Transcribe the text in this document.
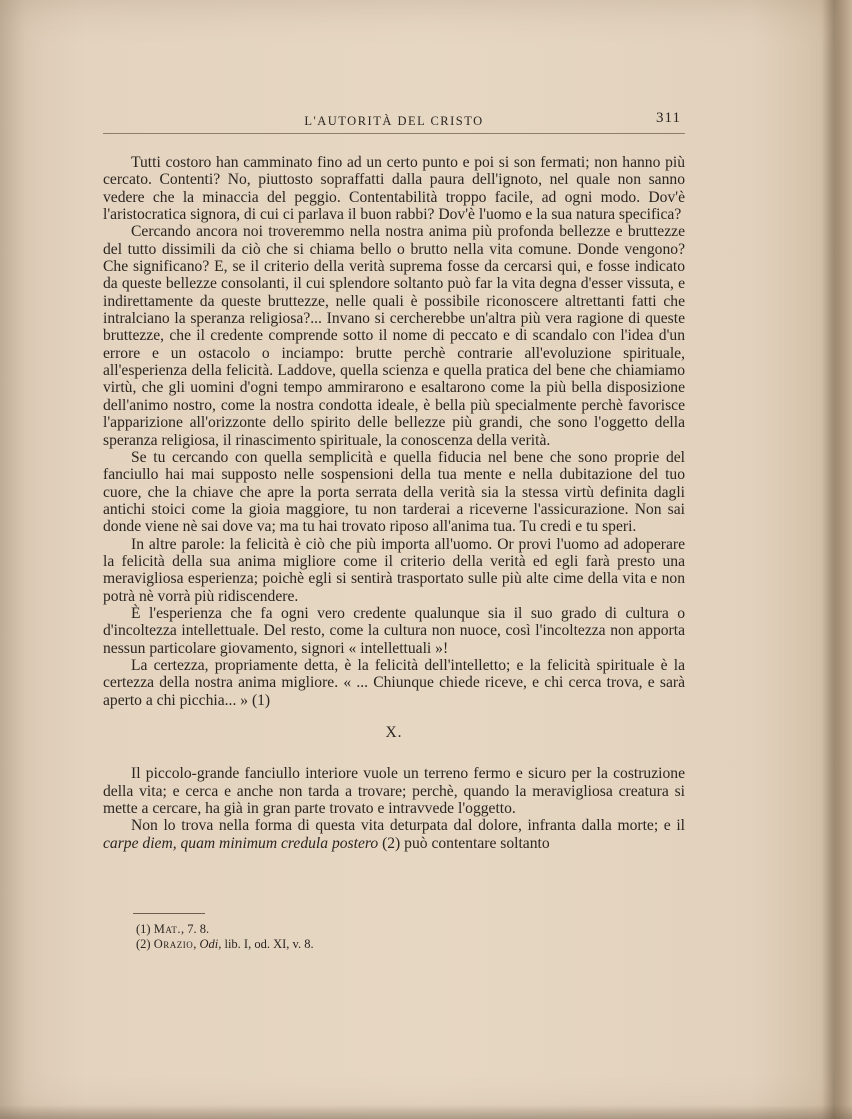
L'AUTORITÀ DEL CRISTO	311

Tutti costoro han camminato fino ad un certo punto e poi si son fermati; non hanno più cercato. Contenti? No, piuttosto sopraffatti dalla paura dell'ignoto, nel quale non sanno vedere che la minaccia del peggio. Contentabilità troppo facile, ad ogni modo. Dov'è l'aristocratica signora, di cui ci parlava il buon rabbi? Dov'è l'uomo e la sua natura specifica?

Cercando ancora noi troveremmo nella nostra anima più profonda bellezze e bruttezze del tutto dissimili da ciò che si chiama bello o brutto nella vita comune. Donde vengono? Che significano? E, se il criterio della verità suprema fosse da cercarsi qui, e fosse indicato da queste bellezze consolanti, il cui splendore soltanto può far la vita degna d'esser vissuta, e indirettamente da queste bruttezze, nelle quali è possibile riconoscere altrettanti fatti che intralciano la speranza religiosa?... Invano si cercherebbe un'altra più vera ragione di queste bruttezze, che il credente comprende sotto il nome di peccato e di scandalo con l'idea d'un errore e un ostacolo o inciampo: brutte perchè contrarie all'evoluzione spirituale, all'esperienza della felicità. Laddove, quella scienza e quella pratica del bene che chiamiamo virtù, che gli uomini d'ogni tempo ammirarono e esaltarono come la più bella disposizione dell'animo nostro, come la nostra condotta ideale, è bella più specialmente perchè favorisce l'apparizione all'orizzonte dello spirito delle bellezze più grandi, che sono l'oggetto della speranza religiosa, il rinascimento spirituale, la conoscenza della verità.

Se tu cercando con quella semplicità e quella fiducia nel bene che sono proprie del fanciullo hai mai supposto nelle sospensioni della tua mente e nella dubitazione del tuo cuore, che la chiave che apre la porta serrata della verità sia la stessa virtù definita dagli antichi stoici come la gioia maggiore, tu non tarderai a riceverne l'assicurazione. Non sai donde viene nè sai dove va; ma tu hai trovato riposo all'anima tua. Tu credi e tu speri.

In altre parole: la felicità è ciò che più importa all'uomo. Or provi l'uomo ad adoperare la felicità della sua anima migliore come il criterio della verità ed egli farà presto una meravigliosa esperienza; poichè egli si sentirà trasportato sulle più alte cime della vita e non potrà nè vorrà più ridiscendere.

È l'esperienza che fa ogni vero credente qualunque sia il suo grado di cultura o d'incoltezza intellettuale. Del resto, come la cultura non nuoce, così l'incoltezza non apporta nessun particolare giovamento, signori « intellettuali »!

La certezza, propriamente detta, è la felicità dell'intelletto; e la felicità spirituale è la certezza della nostra anima migliore. « ... Chiunque chiede riceve, e chi cerca trova, e sarà aperto a chi picchia... » (1)

X.

Il piccolo-grande fanciullo interiore vuole un terreno fermo e sicuro per la costruzione della vita; e cerca e anche non tarda a trovare; perchè, quando la meravigliosa creatura si mette a cercare, ha già in gran parte trovato e intravvede l'oggetto.

Non lo trova nella forma di questa vita deturpata dal dolore, infranta dalla morte; e il carpe diem, quam minimum credula postero (2) può contentare soltanto

(1) Mat., 7. 8.
(2) Orazio, Odi, lib. I, od. XI, v. 8.
